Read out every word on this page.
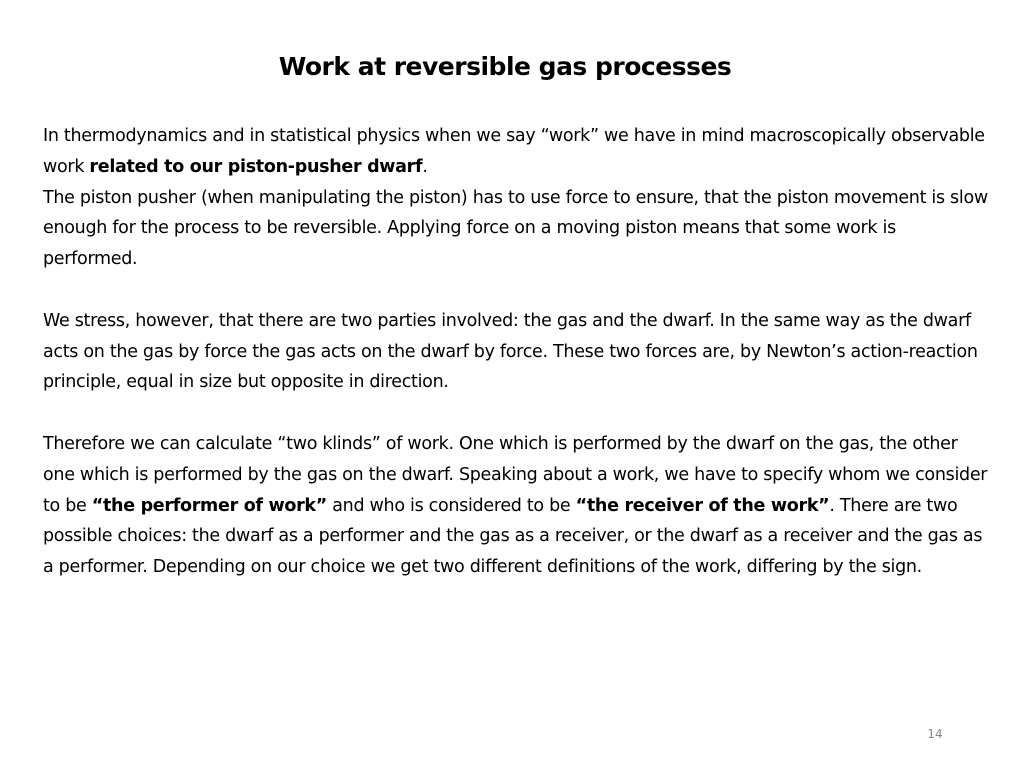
Work at reversible gas processes

In thermodynamics and in statistical physics when we say “work” we have in mind macroscopically observable work related to our piston-pusher dwarf.

The piston pusher (when manipulating the piston) has to use force to ensure, that the piston movement is slow enough for the process to be reversible. Applying force on a moving piston means that some work is performed.

We stress, however, that there are two parties involved: the gas and the dwarf. In the same way as the dwarf acts on the gas by force the gas acts on the dwarf by force. These two forces are, by Newton’s action-reaction principle, equal in size but opposite in direction.

Therefore we can calculate “two klinds” of work. One which is performed by the dwarf on the gas, the other one which is performed by the gas on the dwarf. Speaking about a work, we have to specify whom we consider to be “the performer of work” and who is considered to be “the receiver of the work”. There are two possible choices: the dwarf as a performer and the gas as a receiver, or the dwarf as a receiver and the gas as a performer. Depending on our choice we get two different definitions of the work, differing by the sign.

14
